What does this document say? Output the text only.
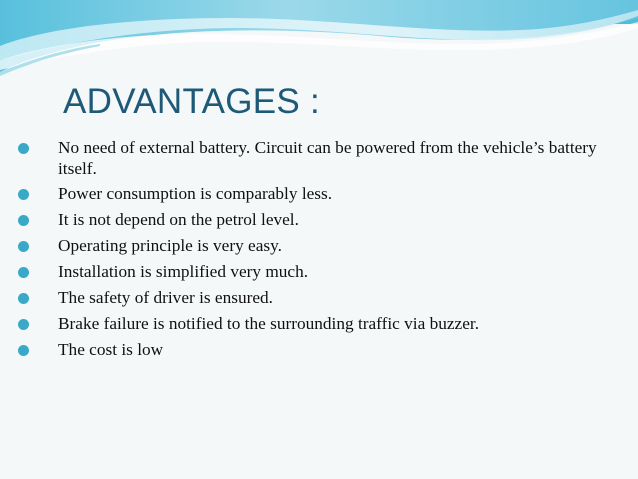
ADVANTAGES :
No need of external battery. Circuit can be powered from the vehicle’s battery itself.
Power consumption is comparably less.
It is not depend on the petrol level.
Operating principle is very easy.
Installation is simplified very much.
The safety of driver is ensured.
Brake failure is notified to the surrounding traffic via buzzer.
The cost is low
